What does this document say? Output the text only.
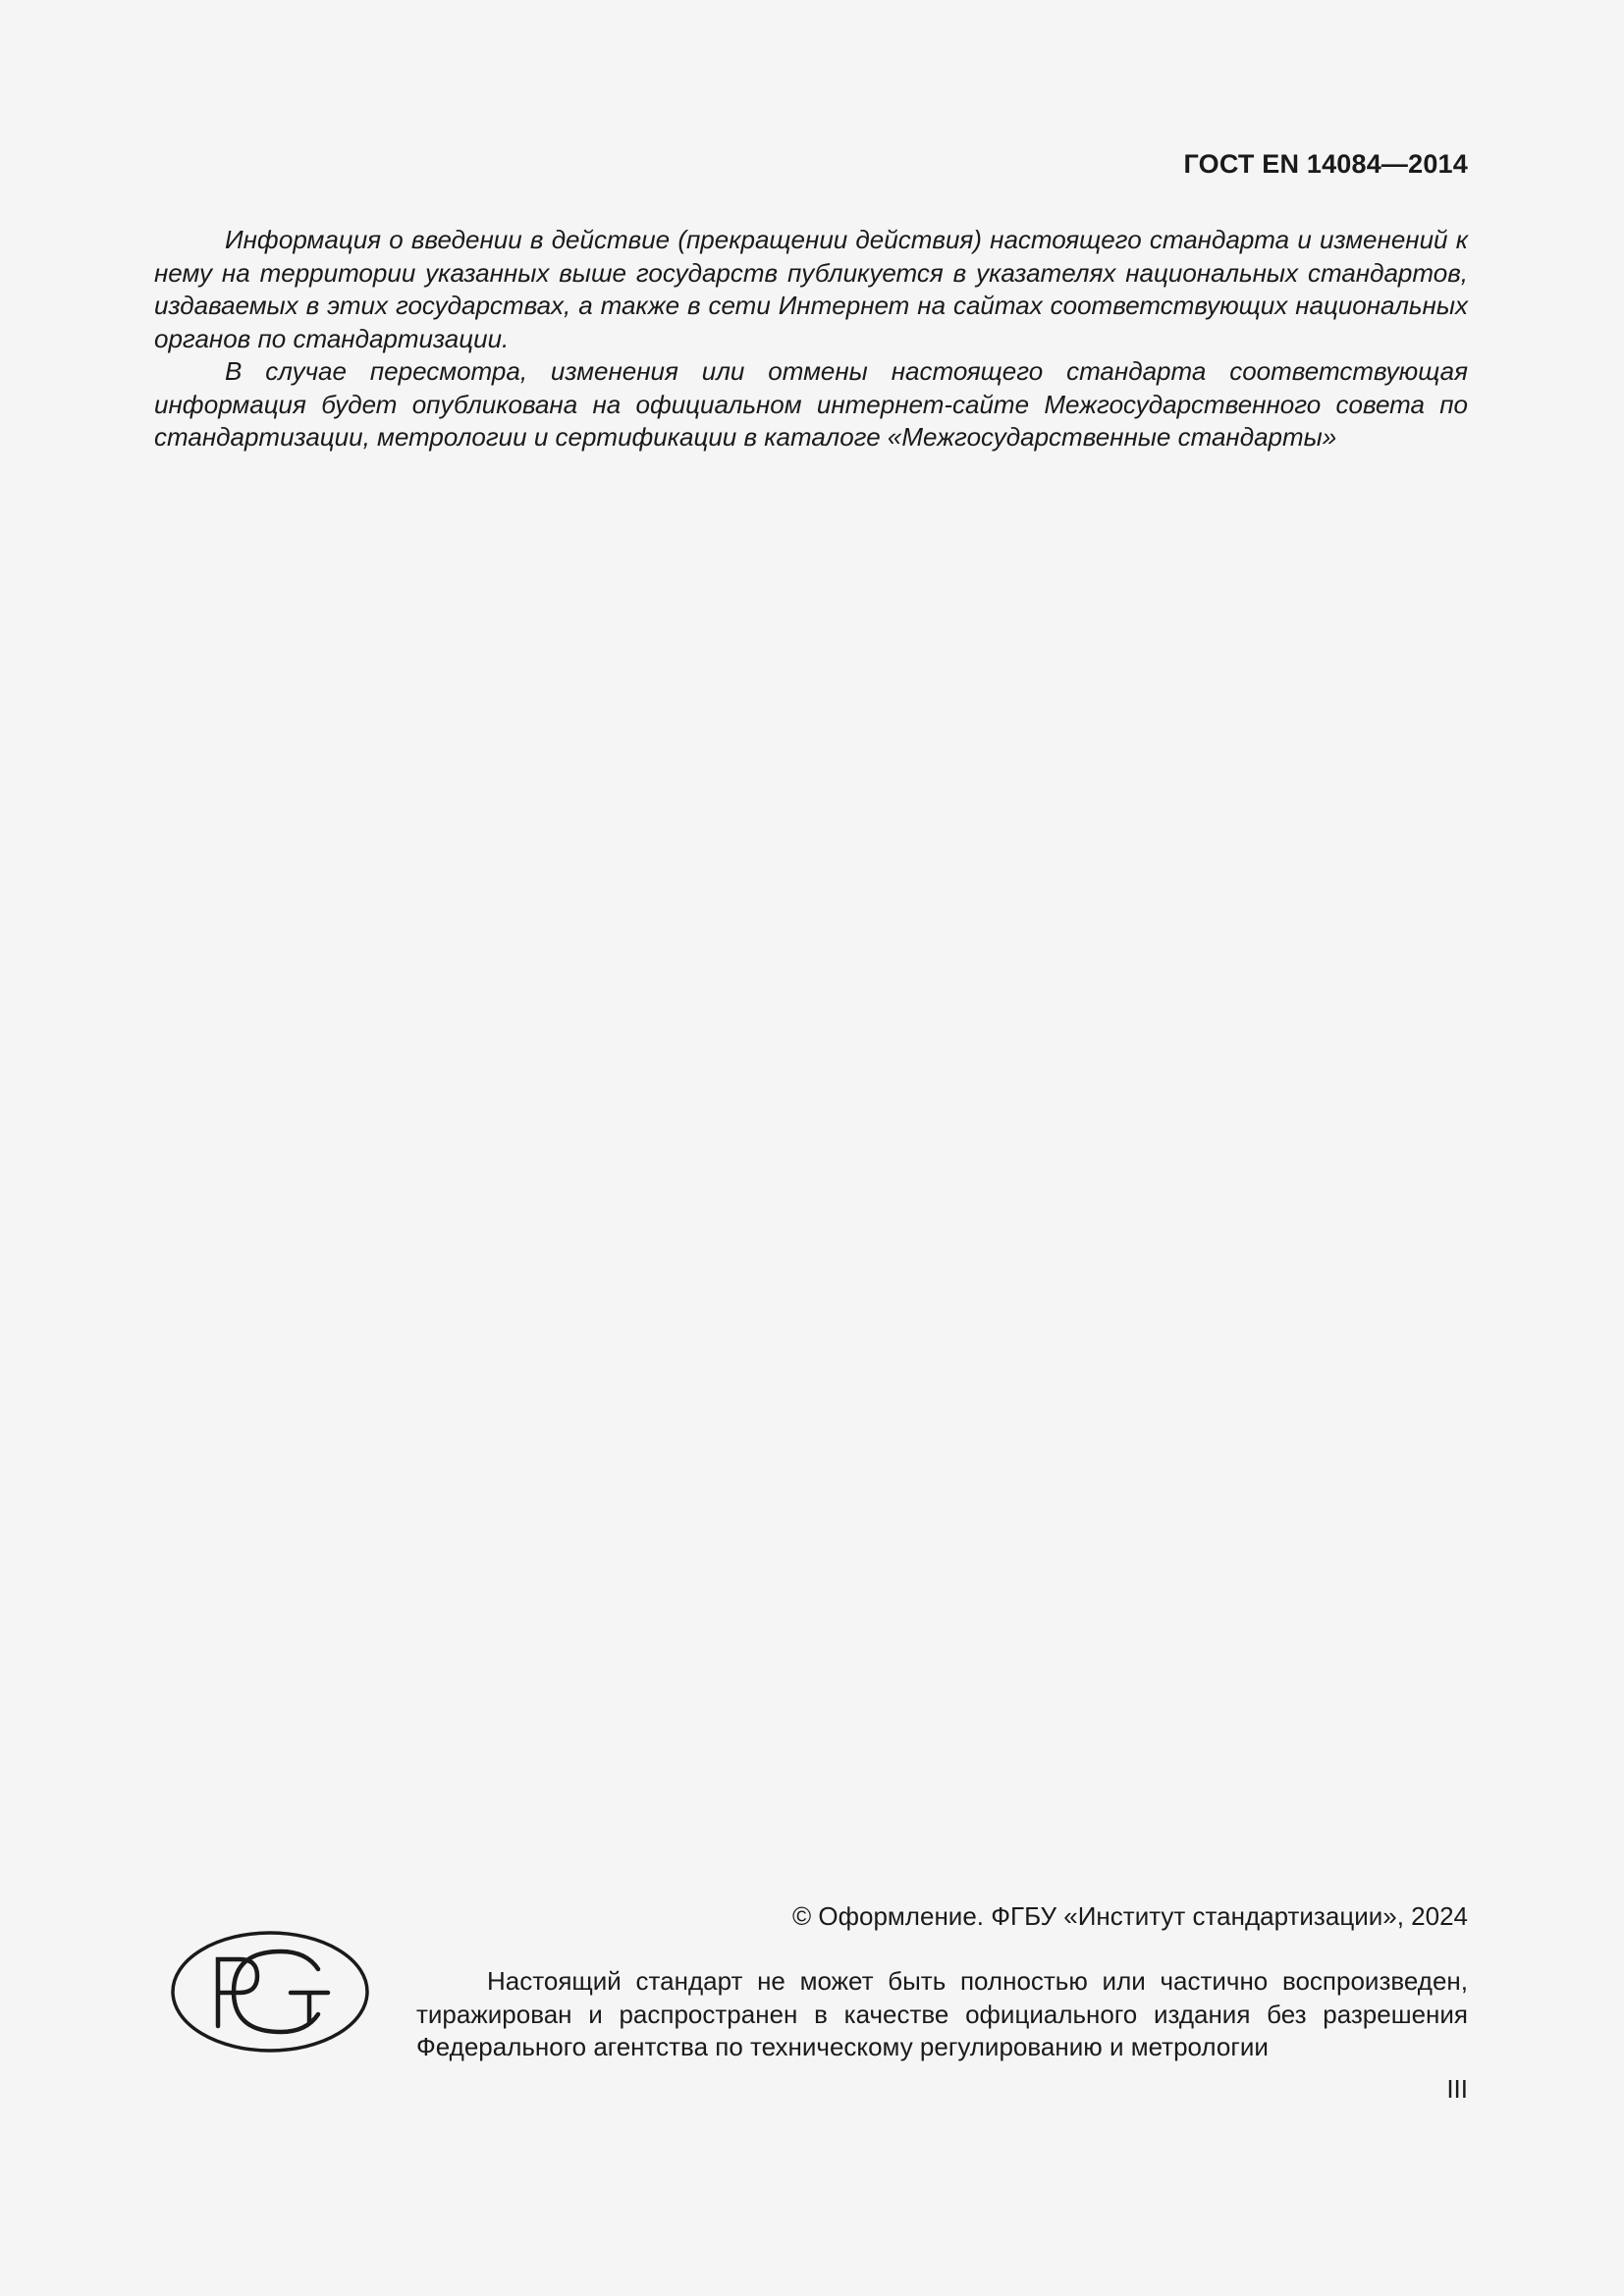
ГОСТ EN 14084—2014

Информация о введении в действие (прекращении действия) настоящего стандарта и изменений к нему на территории указанных выше государств публикуется в указателях национальных стандартов, издаваемых в этих государствах, а также в сети Интернет на сайтах соответствующих национальных органов по стандартизации.

В случае пересмотра, изменения или отмены настоящего стандарта соответствующая информация будет опубликована на официальном интернет-сайте Межгосударственного совета по стандартизации, метрологии и сертификации в каталоге «Межгосударственные стандарты»

© Оформление. ФГБУ «Институт стандартизации», 2024

Настоящий стандарт не может быть полностью или частично воспроизведен, тиражирован и распространен в качестве официального издания без разрешения Федерального агентства по техническому регулированию и метрологии

III
